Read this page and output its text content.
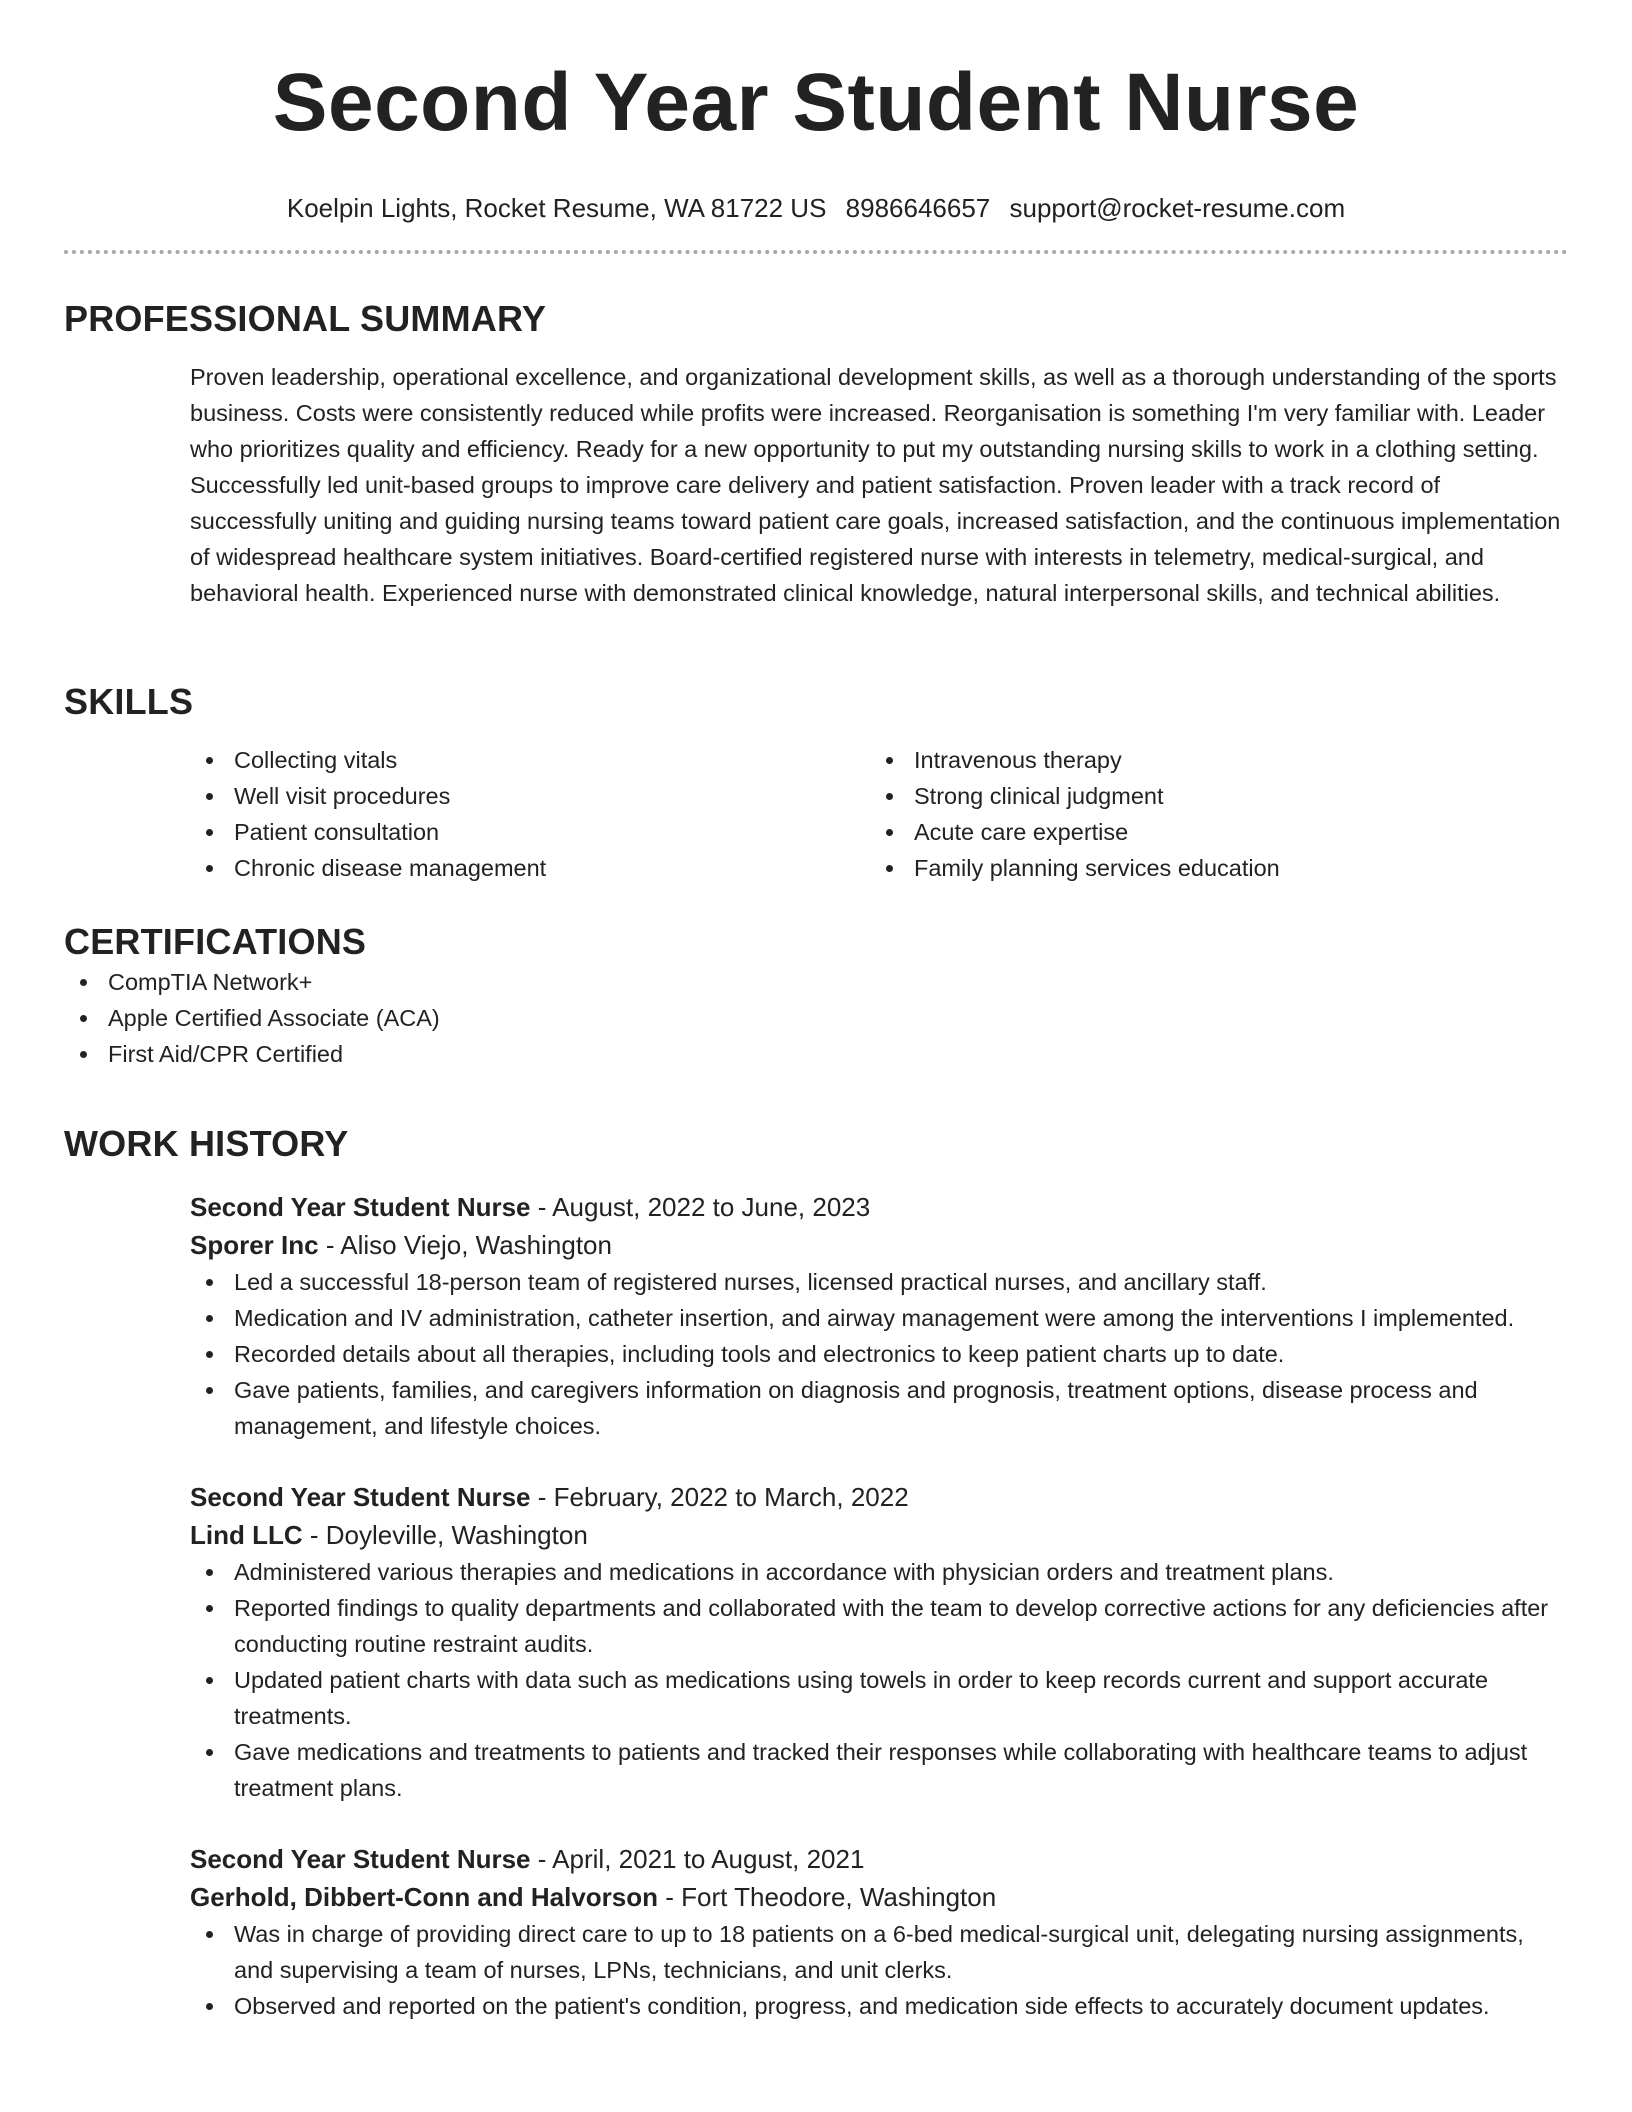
Second Year Student Nurse
Koelpin Lights, Rocket Resume, WA 81722 US 8986646657 support@rocket-resume.com
PROFESSIONAL SUMMARY
Proven leadership, operational excellence, and organizational development skills, as well as a thorough understanding of the sports business. Costs were consistently reduced while profits were increased. Reorganisation is something I'm very familiar with. Leader who prioritizes quality and efficiency. Ready for a new opportunity to put my outstanding nursing skills to work in a clothing setting. Successfully led unit-based groups to improve care delivery and patient satisfaction. Proven leader with a track record of successfully uniting and guiding nursing teams toward patient care goals, increased satisfaction, and the continuous implementation of widespread healthcare system initiatives. Board-certified registered nurse with interests in telemetry, medical-surgical, and behavioral health. Experienced nurse with demonstrated clinical knowledge, natural interpersonal skills, and technical abilities.
SKILLS
Collecting vitals
Well visit procedures
Patient consultation
Chronic disease management
Intravenous therapy
Strong clinical judgment
Acute care expertise
Family planning services education
CERTIFICATIONS
CompTIA Network+
Apple Certified Associate (ACA)
First Aid/CPR Certified
WORK HISTORY
Second Year Student Nurse - August, 2022 to June, 2023
Sporer Inc - Aliso Viejo, Washington
Led a successful 18-person team of registered nurses, licensed practical nurses, and ancillary staff.
Medication and IV administration, catheter insertion, and airway management were among the interventions I implemented.
Recorded details about all therapies, including tools and electronics to keep patient charts up to date.
Gave patients, families, and caregivers information on diagnosis and prognosis, treatment options, disease process and management, and lifestyle choices.
Second Year Student Nurse - February, 2022 to March, 2022
Lind LLC - Doyleville, Washington
Administered various therapies and medications in accordance with physician orders and treatment plans.
Reported findings to quality departments and collaborated with the team to develop corrective actions for any deficiencies after conducting routine restraint audits.
Updated patient charts with data such as medications using towels in order to keep records current and support accurate treatments.
Gave medications and treatments to patients and tracked their responses while collaborating with healthcare teams to adjust treatment plans.
Second Year Student Nurse - April, 2021 to August, 2021
Gerhold, Dibbert-Conn and Halvorson - Fort Theodore, Washington
Was in charge of providing direct care to up to 18 patients on a 6-bed medical-surgical unit, delegating nursing assignments, and supervising a team of nurses, LPNs, technicians, and unit clerks.
Observed and reported on the patient's condition, progress, and medication side effects to accurately document updates.
